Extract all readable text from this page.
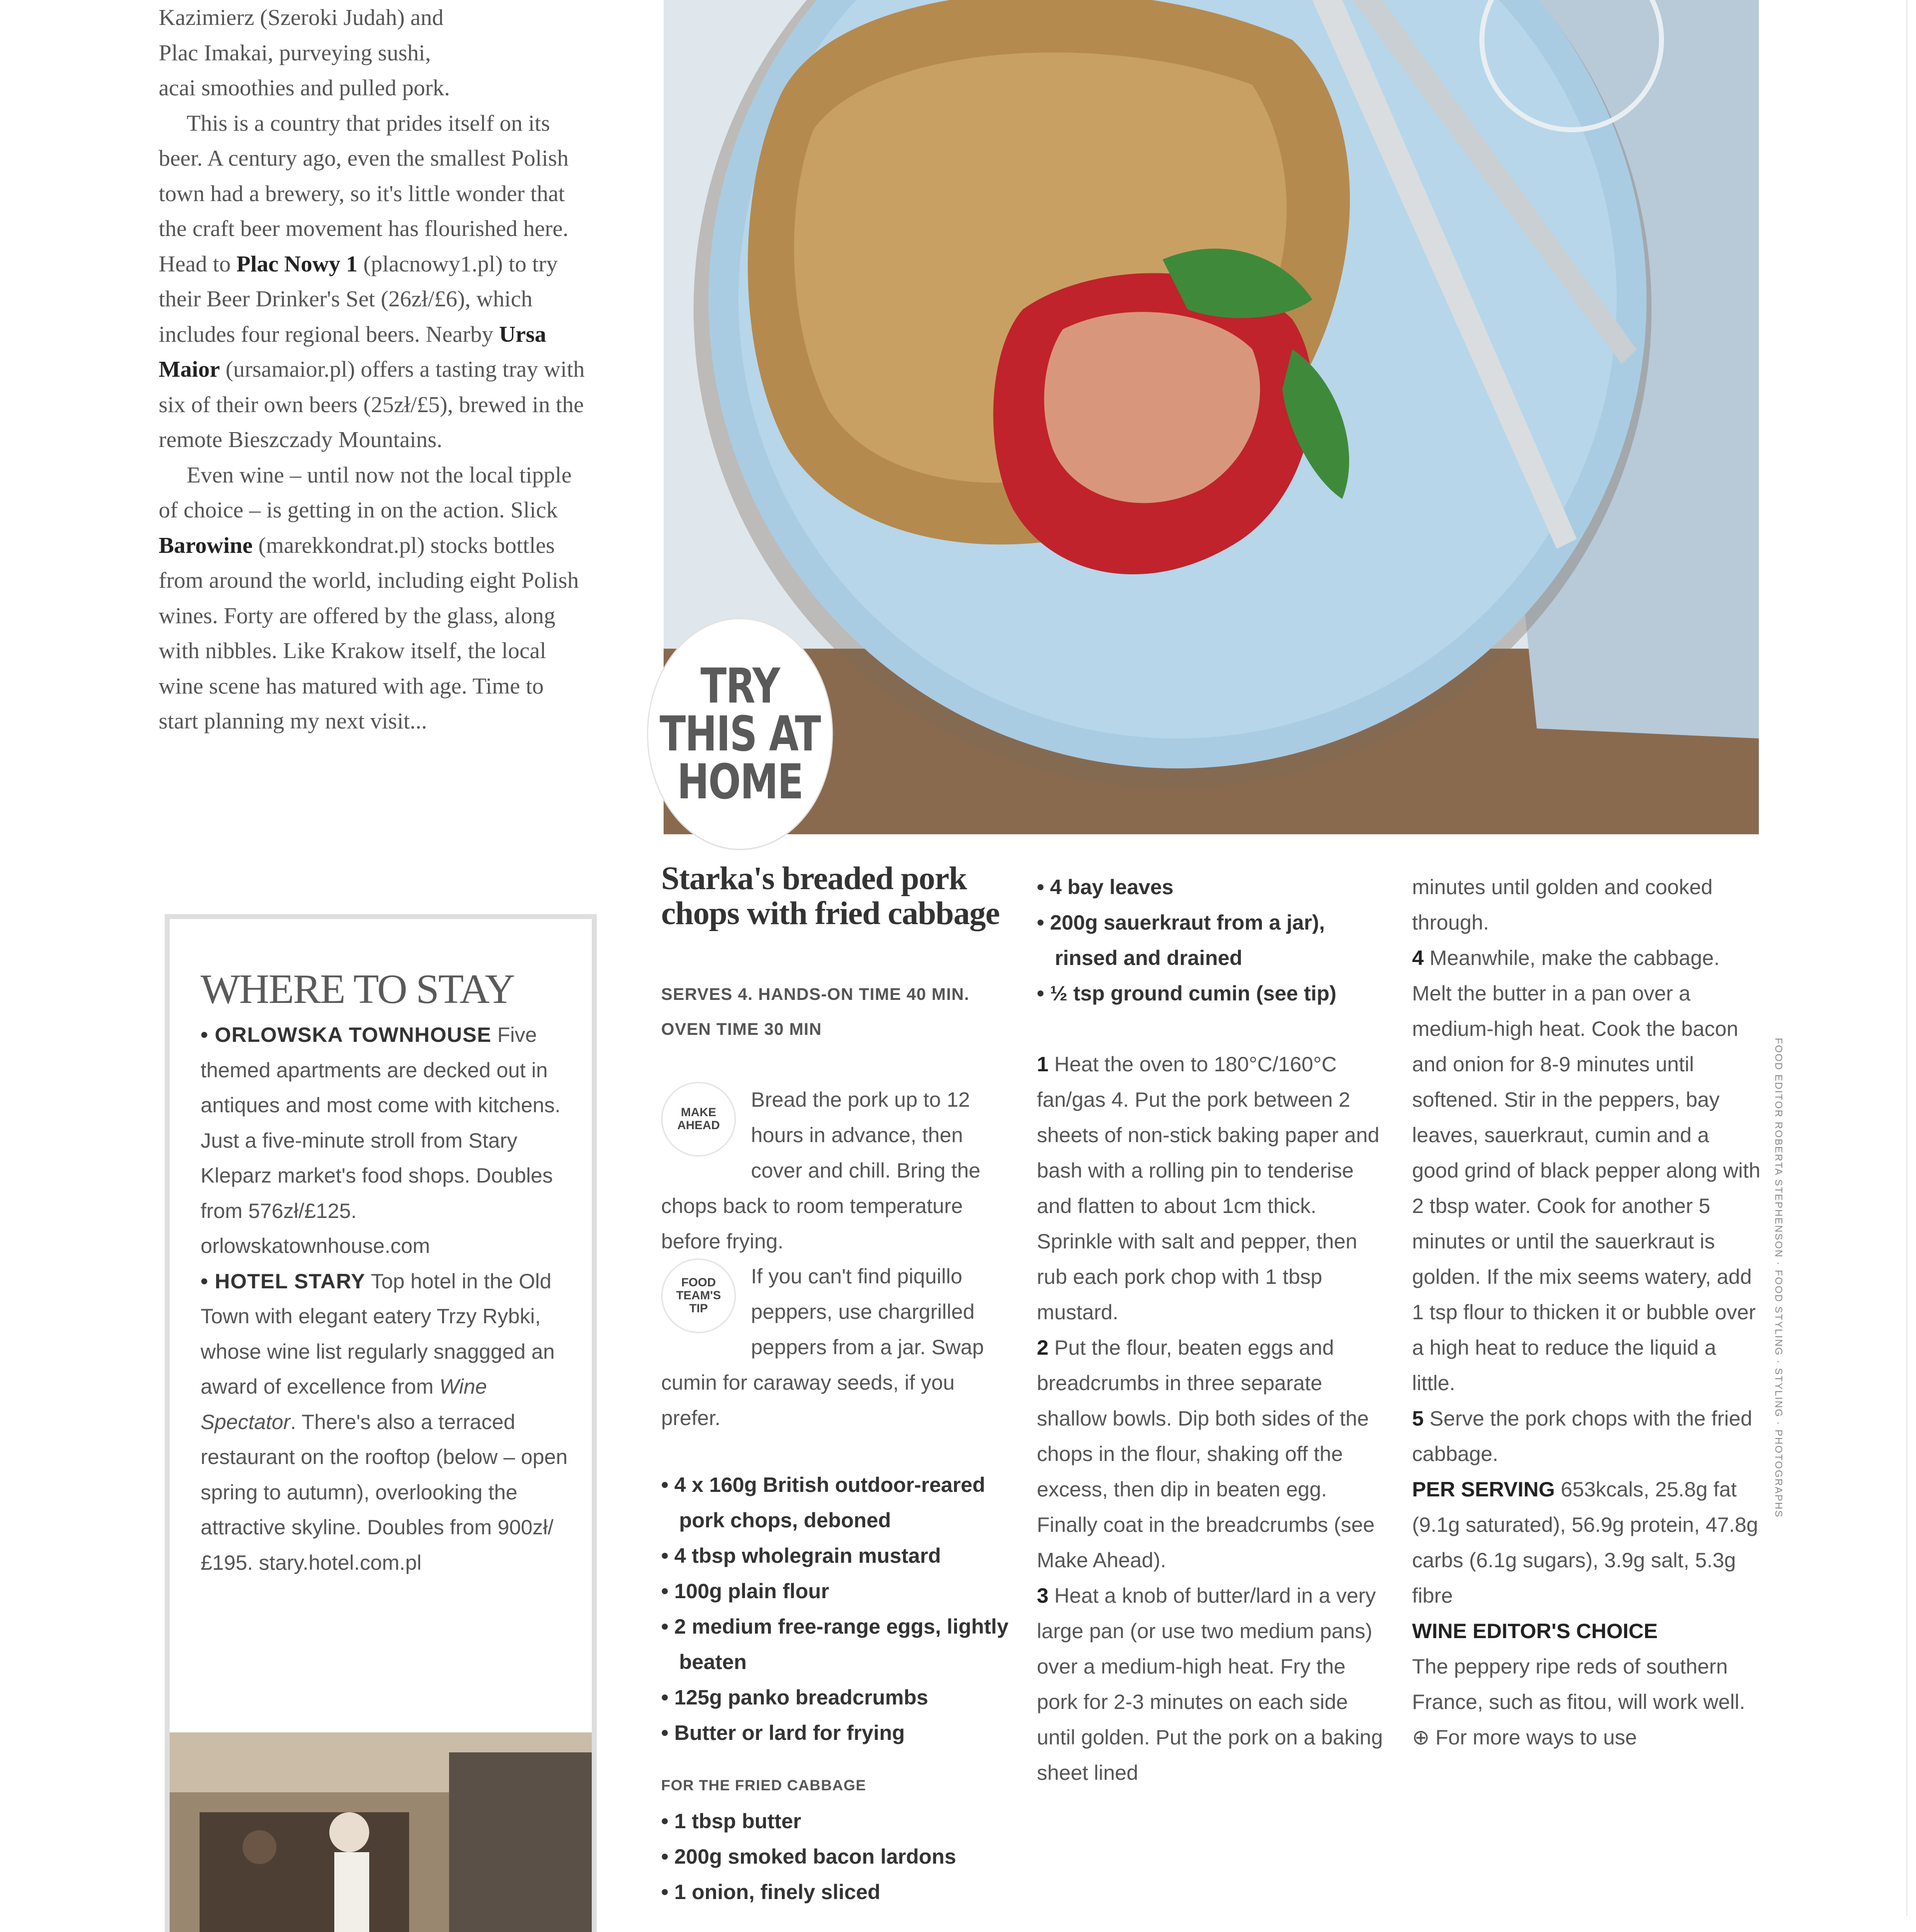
Kazimierz (Szeroki Judah) and

Plac Imakai, purveying sushi,

acai smoothies and pulled pork.

This is a country that prides itself on its beer. A century ago, even the smallest Polish town had a brewery, so it's little wonder that the craft beer movement has flourished here. Head to Plac Nowy 1 (placnowy1.pl) to try their Beer Drinker's Set (26zł/£6), which includes four regional beers. Nearby Ursa Maior (ursamaior.pl) offers a tasting tray with six of their own beers (25zł/£5), brewed in the remote Bieszczady Mountains.

Even wine – until now not the local tipple of choice – is getting in on the action. Slick Barowine (marekkondrat.pl) stocks bottles from around the world, including eight Polish wines. Forty are offered by the glass, along with nibbles. Like Krakow itself, the local wine scene has matured with age. Time to start planning my next visit...

TRY
THIS AT
HOME
WHERE TO STAY
• ORLOWSKA TOWNHOUSE Five themed apartments are decked out in antiques and most come with kitchens. Just a five-minute stroll from Stary Kleparz market's food shops. Doubles from 576zł/£125. orlowskatownhouse.com
• HOTEL STARY Top hotel in the Old Town with elegant eatery Trzy Rybki, whose wine list regularly snaggged an award of excellence from Wine Spectator. There's also a terraced restaurant on the rooftop (below – open spring to autumn), overlooking the attractive skyline. Doubles from 900zł/£195. stary.hotel.com.pl
Starka's breaded pork chops with fried cabbage
SERVES 4. HANDS-ON TIME 40 MIN. OVEN TIME 30 MIN
MAKE AHEAD
Bread the pork up to 12 hours in advance, then cover and chill. Bring the chops back to room temperature before frying.
FOOD TEAM'S TIP
If you can't find piquillo peppers, use chargrilled peppers from a jar. Swap cumin for caraway seeds, if you prefer.
• 4 x 160g British outdoor-reared pork chops, deboned
• 4 tbsp wholegrain mustard
• 100g plain flour
• 2 medium free-range eggs, lightly beaten
• 125g panko breadcrumbs
• Butter or lard for frying
FOR THE FRIED CABBAGE
• 1 tbsp butter
• 200g smoked bacon lardons
• 1 onion, finely sliced
• 4 bay leaves
• 200g sauerkraut from a jar), rinsed and drained
• ½ tsp ground cumin (see tip)
1 Heat the oven to 180°C/160°C fan/gas 4. Put the pork between 2 sheets of non-stick baking paper and bash with a rolling pin to tenderise and flatten to about 1cm thick. Sprinkle with salt and pepper, then rub each pork chop with 1 tbsp mustard.
2 Put the flour, beaten eggs and breadcrumbs in three separate shallow bowls. Dip both sides of the chops in the flour, shaking off the excess, then dip in beaten egg. Finally coat in the breadcrumbs (see Make Ahead).
3 Heat a knob of butter/lard in a very large pan (or use two medium pans) over a medium-high heat. Fry the pork for 2-3 minutes on each side until golden. Put the pork on a baking sheet lined
minutes until golden and cooked through.
4 Meanwhile, make the cabbage. Melt the butter in a pan over a medium-high heat. Cook the bacon and onion for 8-9 minutes until softened. Stir in the peppers, bay leaves, sauerkraut, cumin and a good grind of black pepper along with 2 tbsp water. Cook for another 5 minutes or until the sauerkraut is golden. If the mix seems watery, add 1 tsp flour to thicken it or bubble over a high heat to reduce the liquid a little.
5 Serve the pork chops with the fried cabbage.
PER SERVING 653kcals, 25.8g fat (9.1g saturated), 56.9g protein, 47.8g carbs (6.1g sugars), 3.9g salt, 5.3g fibre
WINE EDITOR'S CHOICE
The peppery ripe reds of southern France, such as fitou, will work well.
⊕ For more ways to use
FOOD EDITOR ROBERTA STEPHENSON · FOOD STYLING · STYLING · PHOTOGRAPHS
